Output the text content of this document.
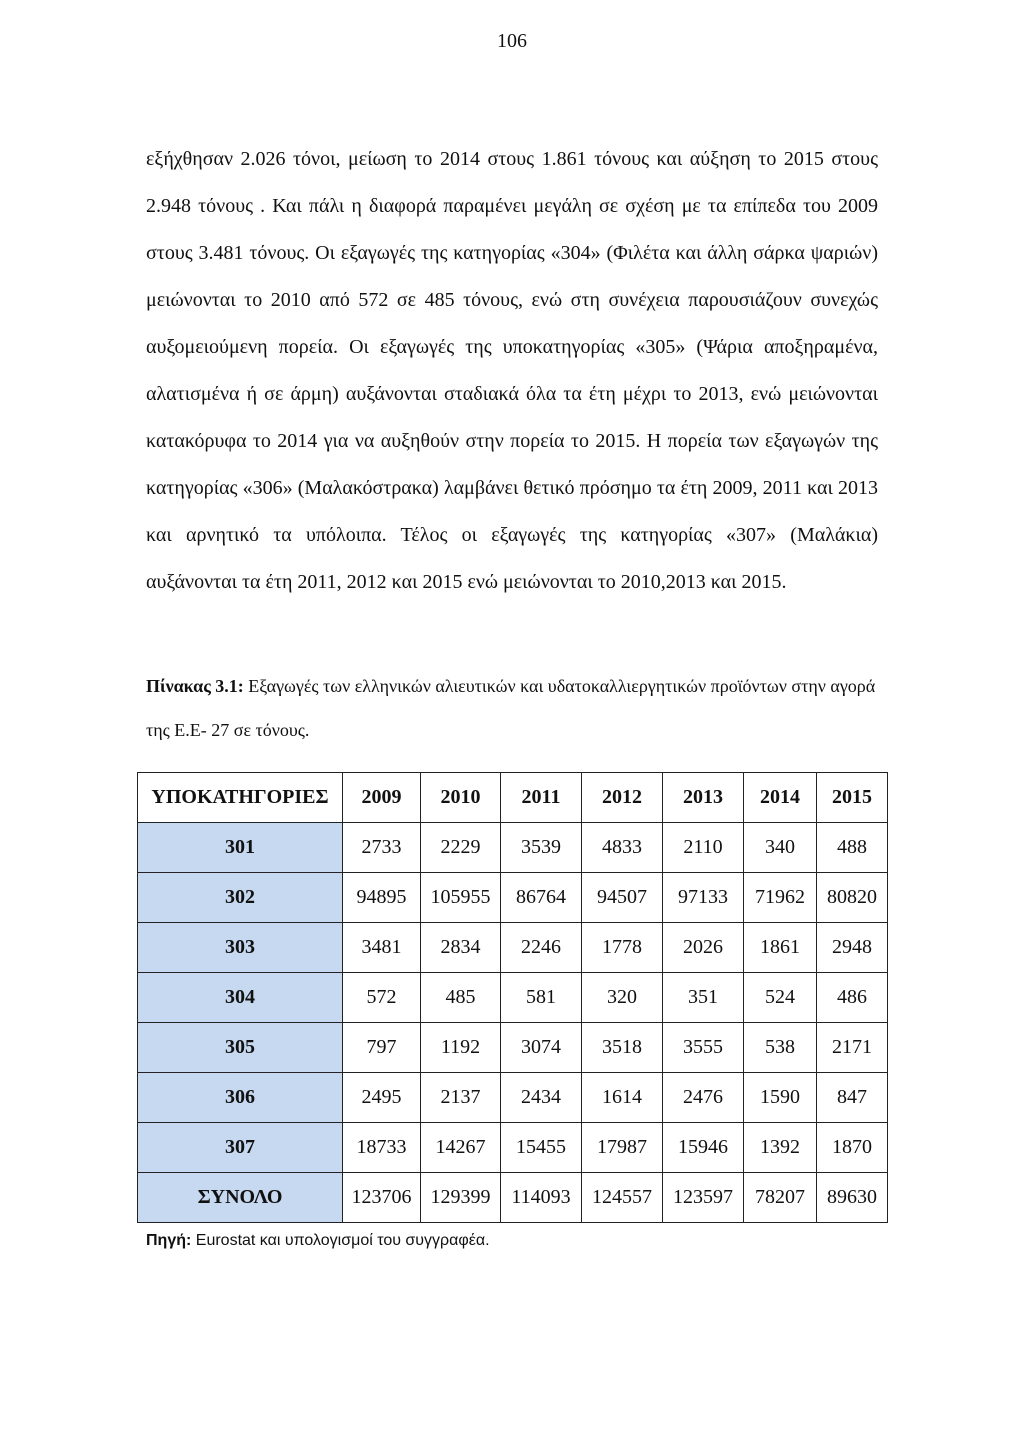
106

εξήχθησαν 2.026 τόνοι, μείωση το 2014 στους 1.861 τόνους και αύξηση το 2015 στους 2.948 τόνους . Και πάλι η διαφορά παραμένει μεγάλη σε σχέση με τα επίπεδα του 2009 στους 3.481 τόνους. Οι εξαγωγές της κατηγορίας «304» (Φιλέτα και άλλη σάρκα ψαριών) μειώνονται το 2010 από 572 σε 485 τόνους, ενώ στη συνέχεια παρουσιάζουν συνεχώς αυξομειούμενη πορεία. Οι εξαγωγές της υποκατηγορίας «305» (Ψάρια αποξηραμένα, αλατισμένα ή σε άρμη) αυξάνονται σταδιακά όλα τα έτη μέχρι το 2013, ενώ μειώνονται κατακόρυφα το 2014 για να αυξηθούν στην πορεία το 2015. Η πορεία των εξαγωγών της κατηγορίας «306» (Μαλακόστρακα) λαμβάνει θετικό πρόσημο τα έτη 2009, 2011 και 2013 και αρνητικό τα υπόλοιπα. Τέλος οι εξαγωγές της κατηγορίας «307» (Μαλάκια) αυξάνονται τα έτη 2011, 2012 και 2015 ενώ μειώνονται το 2010,2013 και 2015.

Πίνακας 3.1: Εξαγωγές των ελληνικών αλιευτικών και υδατοκαλλιεργητικών προϊόντων στην αγορά της Ε.Ε- 27 σε τόνους.
ΥΠΟΚΑΤΗΓΟΡΙΕΣ	2009	2010	2011	2012	2013	2014	2015
301	2733	2229	3539	4833	2110	340	488
302	94895	105955	86764	94507	97133	71962	80820
303	3481	2834	2246	1778	2026	1861	2948
304	572	485	581	320	351	524	486
305	797	1192	3074	3518	3555	538	2171
306	2495	2137	2434	1614	2476	1590	847
307	18733	14267	15455	17987	15946	1392	1870
ΣΥΝΟΛΟ	123706	129399	114093	124557	123597	78207	89630
Πηγή: Eurostat και υπολογισμοί του συγγραφέα.
